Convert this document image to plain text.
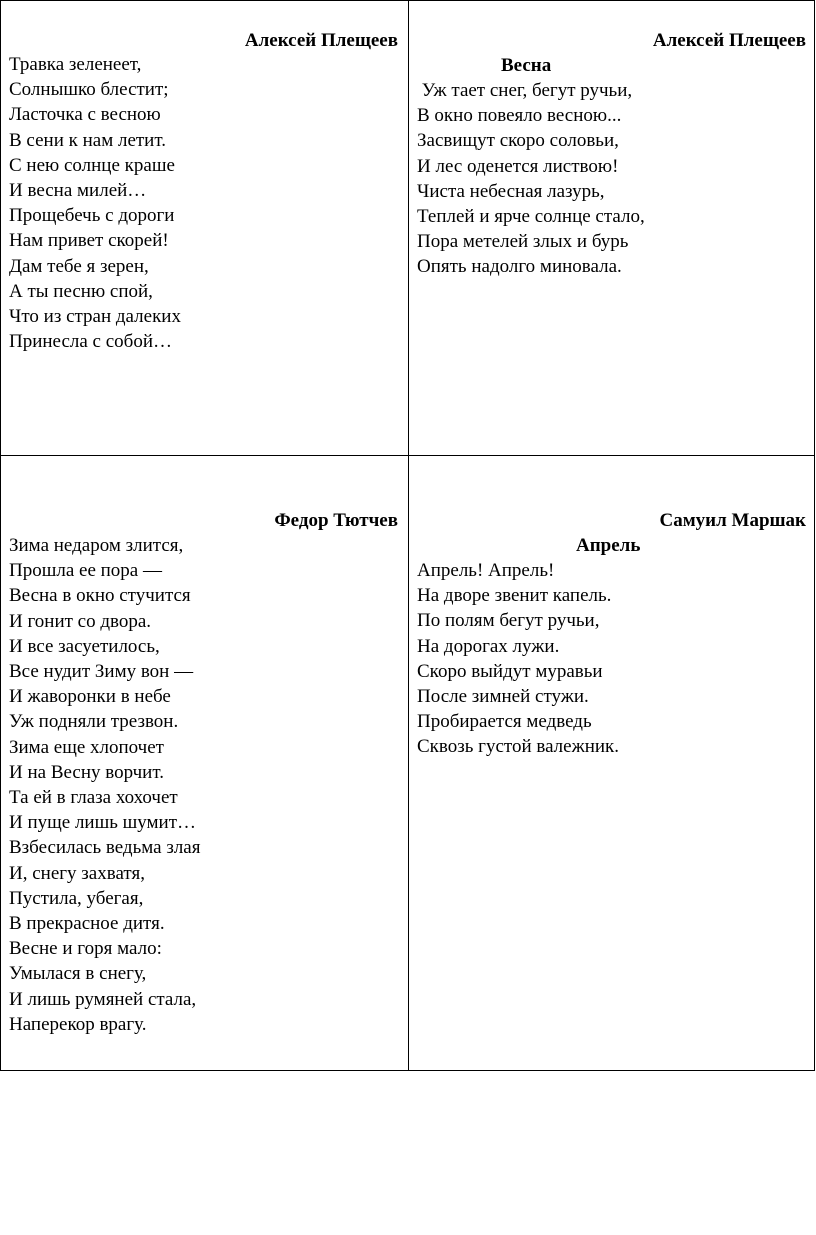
Алексей Плещеев
Травка зеленеет,
Солнышко блестит;
Ласточка с весною
В сени к нам летит.
С нею солнце краше
И весна милей…
Прощебечь с дороги
Нам привет скорей!
Дам тебе я зерен,
А ты песню спой,
Что из стран далеких
Принесла с собой…
Алексей Плещеев
Весна
Уж тает снег, бегут ручьи,
В окно повеяло весною...
Засвищут скоро соловьи,
И лес оденется листвою!
Чиста небесная лазурь,
Теплей и ярче солнце стало,
Пора метелей злых и бурь
Опять надолго миновала.
Федор Тютчев
Зима недаром злится,
Прошла ее пора —
Весна в окно стучится
И гонит со двора.
И все засуетилось,
Все нудит Зиму вон —
И жаворонки в небе
Уж подняли трезвон.
Зима еще хлопочет
И на Весну ворчит.
Та ей в глаза хохочет
И пуще лишь шумит…
Взбесилась ведьма злая
И, снегу захватя,
Пустила, убегая,
В прекрасное дитя.
Весне и горя мало:
Умылася в снегу,
И лишь румяней стала,
Наперекор врагу.
Самуил Маршак
Апрель
Апрель! Апрель!
На дворе звенит капель.
По полям бегут ручьи,
На дорогах лужи.
Скоро выйдут муравьи
После зимней стужи.
Пробирается медведь
Сквозь густой валежник.
